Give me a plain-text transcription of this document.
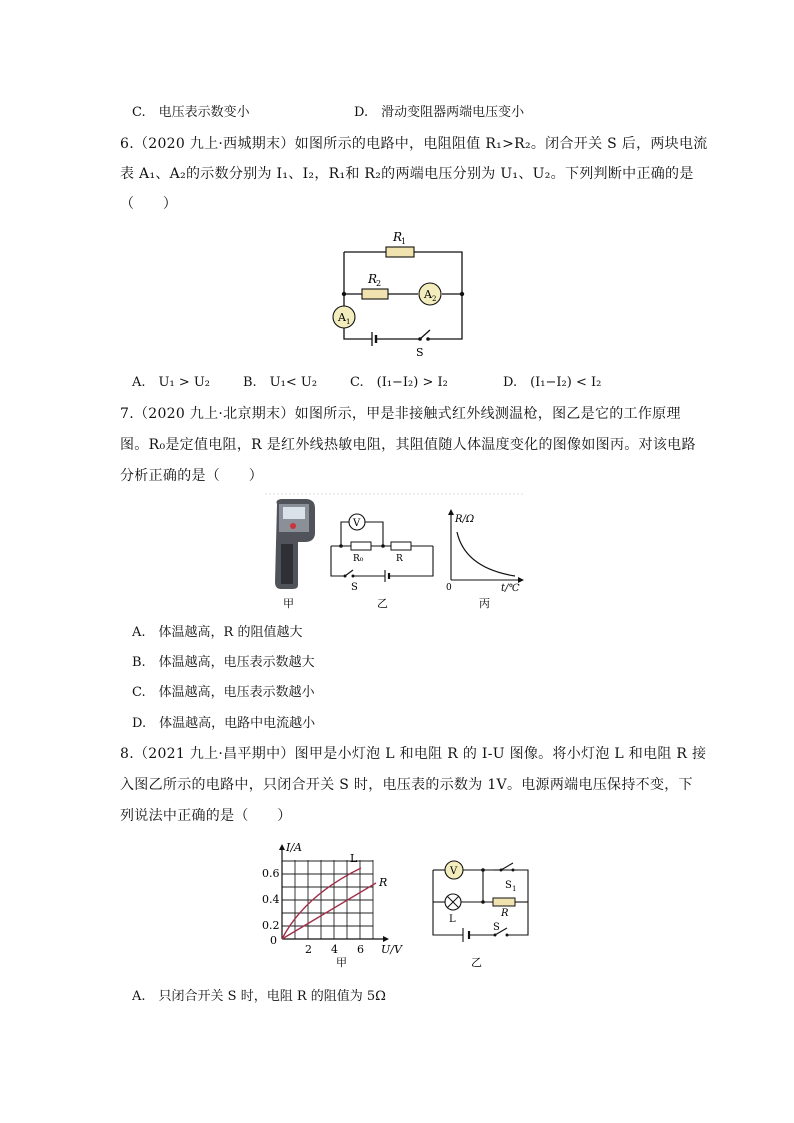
C.　电压表示数变小	D.　滑动变阻器两端电压变小
6.（2020 九上·西城期末）如图所示的电路中，电阻阻值 R₁>R₂。闭合开关 S 后，两块电流
表 A₁、A₂的示数分别为 I₁、I₂，R₁和 R₂的两端电压分别为 U₁、U₂。下列判断中正确的是
（　　）
R
1
R
2
A 2
A 1
S
A.　U₁ > U₂	B.　U₁< U₂	C.　(I₁−I₂) > I₂	D.　(I₁−I₂) < I₂
7.（2020 九上·北京期末）如图所示，甲是非接触式红外线测温枪，图乙是它的工作原理
图。R₀是定值电阻，R 是红外线热敏电阻，其阻值随人体温度变化的图像如图丙。对该电路
分析正确的是（　　）
甲
V
R₀	R
S
乙
R/Ω
0	t/℃
丙
A.　体温越高，R 的阻值越大
B.　体温越高，电压表示数越大
C.　体温越高，电压表示数越小
D.　体温越高，电路中电流越小
8.（2021 九上·昌平期中）图甲是小灯泡 L 和电阻 R 的 I-U 图像。将小灯泡 L 和电阻 R 接
入图乙所示的电路中，只闭合开关 S 时，电压表的示数为 1V。电源两端电压保持不变，下
列说法中正确的是（　　）
I/A
L
R
0.6
0.4
0.2
0
2 4 6 U/V
甲
V
S 1
L
R
S
乙
A.　只闭合开关 S 时，电阻 R 的阻值为 5Ω
